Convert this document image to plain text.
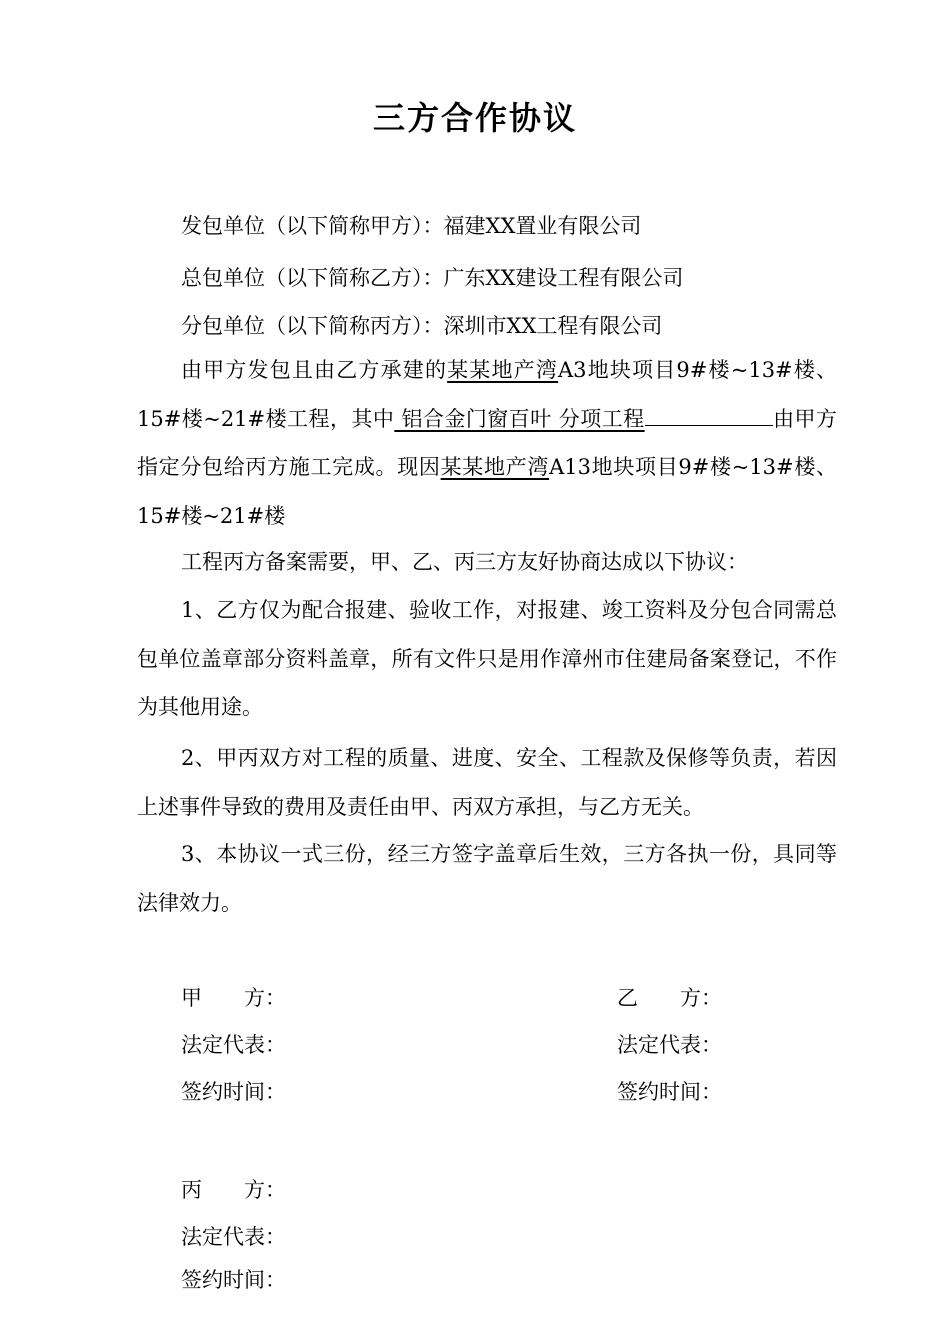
三方合作协议
发包单位（以下简称甲方）：福建XX置业有限公司
总包单位（以下简称乙方）：广东XX建设工程有限公司
分包单位（以下简称丙方）：深圳市XX工程有限公司

由甲方发包且由乙方承建的某某地产湾A3地块项目9#楼~13#楼、15#楼~21#楼工程，其中 铝合金门窗百叶 分项工程	由甲方指定分包给丙方施工完成。现因某某地产湾A13地块项目9#楼~13#楼、15#楼~21#楼

工程丙方备案需要，甲、乙、丙三方友好协商达成以下协议：

1、乙方仅为配合报建、验收工作，对报建、竣工资料及分包合同需总包单位盖章部分资料盖章，所有文件只是用作漳州市住建局备案登记，不作为其他用途。

2、甲丙双方对工程的质量、进度、安全、工程款及保修等负责，若因上述事件导致的费用及责任由甲、丙双方承担，与乙方无关。

3、本协议一式三份，经三方签字盖章后生效，三方各执一份，具同等法律效力。

甲　　方：	乙　　方：
法定代表：	法定代表：
签约时间：	签约时间：
丙　　方：
法定代表：
签约时间：
